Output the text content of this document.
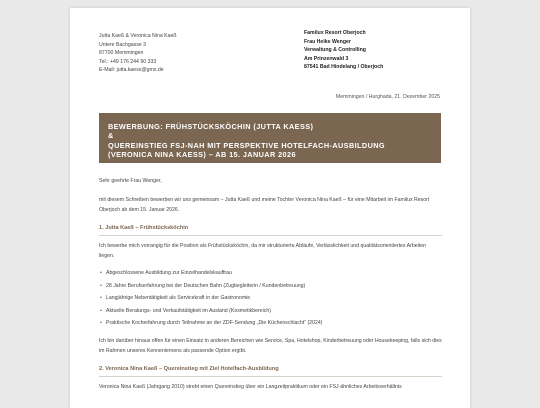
Jutta Kaeß & Veronica Nina Kaeß
Untere Bachgasse 3
87700 Memmingen
Tel.: +49 176 244 90 333
E-Mail: jutta.kaess@gmx.de
Familux Resort Oberjoch
Frau Heike Wenger
Verwaltung & Controlling
Am Prinzenwald 3
87541 Bad Hindelang / Oberjoch
Memmingen / Hurghada, 21. Dezember 2025
BEWERBUNG: FRÜHSTÜCKSKÖCHIN (JUTTA KAESS)
&
QUEREINSTIEG FSJ-NAH MIT PERSPEKTIVE HOTELFACH-AUSBILDUNG
(VERONICA NINA KAESS) – AB 15. JANUAR 2026

Sehr geehrte Frau Wenger,

mit diesem Schreiben bewerben wir uns gemeinsam – Jutta Kaeß und meine Tochter Veronica Nina Kaeß – für eine Mitarbeit im Familux Resort Oberjoch ab dem 15. Januar 2026.

1. Jutta Kaeß – Frühstücksköchin

Ich bewerbe mich vorrangig für die Position als Frühstücksköchin, da mir strukturierte Abläufe, Verlässlichkeit und qualitätsorientiertes Arbeiten liegen.

• Abgeschlossene Ausbildung zur Einzelhandelskauffrau
• 28 Jahre Berufserfahrung bei der Deutschen Bahn (Zugbegleiterin / Kundenbetreuung)
• Langjährige Nebentätigkeit als Servicekraft in der Gastronomie
• Aktuelle Beratungs- und Verkaufstätigkeit im Ausland (Kosmetikbereich)
• Praktische Kocherfahrung durch Teilnahme an der ZDF-Sendung „Die Küchenschlacht“ (2024)

Ich bin darüber hinaus offen für einen Einsatz in anderen Bereichen wie Service, Spa, Hotelshop, Kinderbetreuung oder Housekeeping, falls sich dies im Rahmen unseres Kennenlernens als passende Option ergibt.

2. Veronica Nina Kaeß – Quereinstieg mit Ziel Hotelfach-Ausbildung

Veronica Nina Kaeß (Jahrgang 2010) strebt einen Quereinstieg über ein Langzeitpraktikum oder ein FSJ-ähnliches Arbeitsverhältnis
